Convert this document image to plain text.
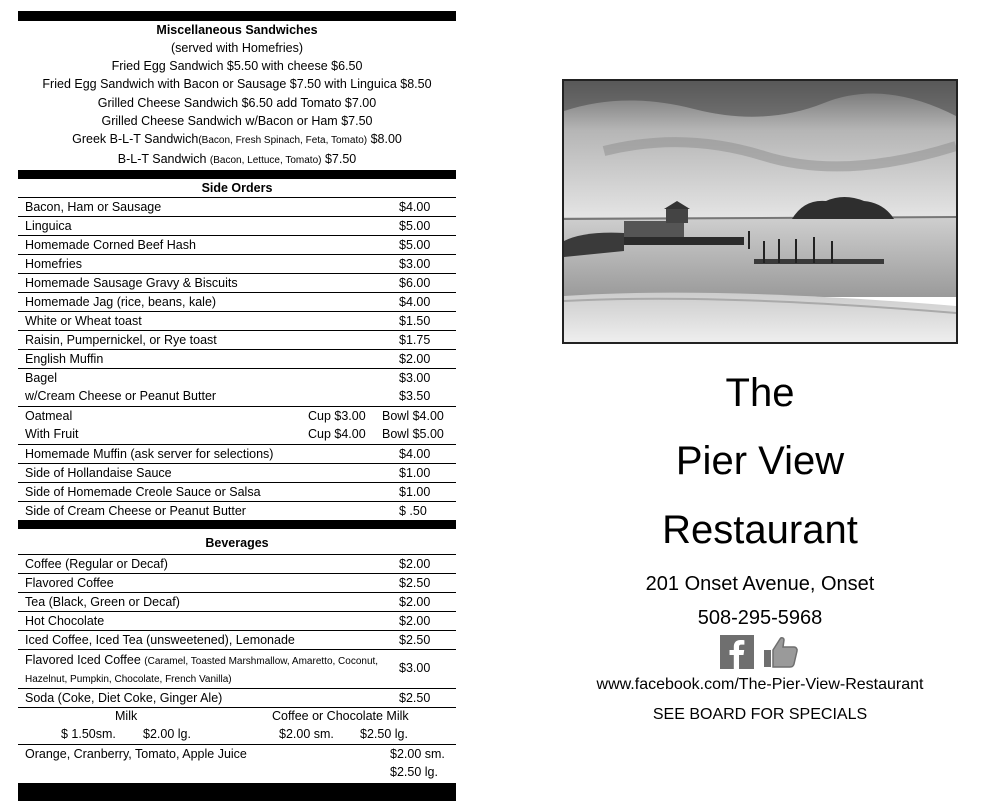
Miscellaneous Sandwiches
(served with Homefries)
Fried Egg Sandwich $5.50 with cheese $6.50
Fried Egg Sandwich with Bacon or Sausage $7.50 with Linguica $8.50
Grilled Cheese Sandwich $6.50 add Tomato $7.00
Grilled Cheese Sandwich w/Bacon or Ham $7.50
Greek B-L-T Sandwich(Bacon, Fresh Spinach, Feta, Tomato) $8.00
B-L-T Sandwich (Bacon, Lettuce, Tomato) $7.50
Side Orders
Bacon, Ham or Sausage	$4.00
Linguica	$5.00
Homemade Corned Beef Hash	$5.00
Homefries	$3.00
Homemade Sausage Gravy & Biscuits	$6.00
Homemade Jag (rice, beans, kale)	$4.00
White or Wheat toast	$1.50
Raisin, Pumpernickel, or Rye toast	$1.75
English Muffin	$2.00
Bagel	$3.00
w/Cream Cheese or Peanut Butter	$3.50
Oatmeal	Cup $3.00 Bowl $4.00
With Fruit	Cup $4.00 Bowl $5.00
Homemade Muffin (ask server for selections)	$4.00
Side of Hollandaise Sauce	$1.00
Side of Homemade Creole Sauce or Salsa	$1.00
Side of Cream Cheese or Peanut Butter	$ .50
Beverages
Coffee (Regular or Decaf)	$2.00
Flavored Coffee	$2.50
Tea (Black, Green or Decaf)	$2.00
Hot Chocolate	$2.00
Iced Coffee, Iced Tea (unsweetened), Lemonade	$2.50
Flavored Iced Coffee (Caramel, Toasted Marshmallow, Amaretto, Coconut, Hazelnut, Pumpkin, Chocolate, French Vanilla)
$3.00
Soda (Coke, Diet Coke, Ginger Ale)	$2.50
Milk
$ 1.50sm. $2.00 lg.
Coffee or Chocolate Milk
$2.00 sm. $2.50 lg.
Orange, Cranberry, Tomato, Apple Juice	$2.00 sm.
$2.50 lg.
The
Pier View
Restaurant
201 Onset Avenue, Onset
508-295-5968
www.facebook.com/The-Pier-View-Restaurant
SEE BOARD FOR SPECIALS
